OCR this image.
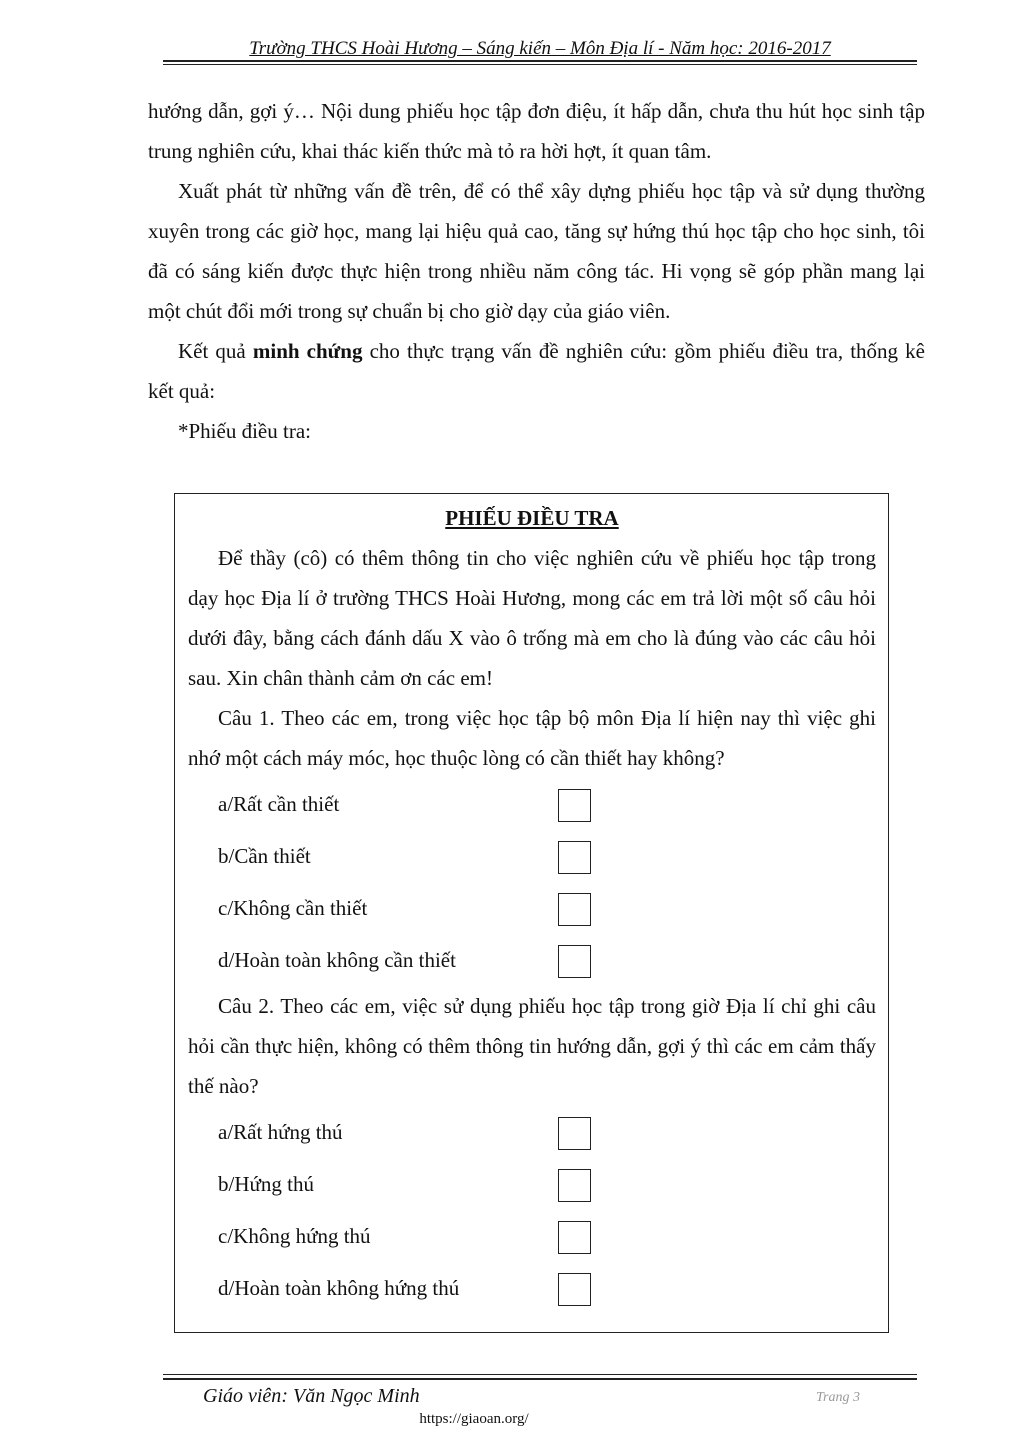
Trường THCS Hoài Hương – Sáng kiến – Môn Địa lí - Năm học: 2016-2017

hướng dẫn, gợi ý… Nội dung phiếu học tập đơn điệu, ít hấp dẫn, chưa thu hút học sinh tập trung nghiên cứu, khai thác kiến thức mà tỏ ra hời hợt, ít quan tâm.

Xuất phát từ những vấn đề trên, để có thể xây dựng phiếu học tập và sử dụng thường xuyên trong các giờ học, mang lại hiệu quả cao, tăng sự hứng thú học tập cho học sinh, tôi đã có sáng kiến được thực hiện trong nhiều năm công tác. Hi vọng sẽ góp phần mang lại một chút đổi mới trong sự chuẩn bị cho giờ dạy của giáo viên.

Kết quả minh chứng cho thực trạng vấn đề nghiên cứu: gồm phiếu điều tra, thống kê kết quả:

*Phiếu điều tra:

PHIẾU ĐIỀU TRA

Để thầy (cô) có thêm thông tin cho việc nghiên cứu về phiếu học tập trong dạy học Địa lí ở trường THCS Hoài Hương, mong các em trả lời một số câu hỏi dưới đây, bằng cách đánh dấu X vào ô trống mà em cho là đúng vào các câu hỏi sau. Xin chân thành cảm ơn các em!

Câu 1. Theo các em, trong việc học tập bộ môn Địa lí hiện nay thì việc ghi nhớ một cách máy móc, học thuộc lòng có cần thiết hay không?

a/Rất cần thiết
b/Cần thiết
c/Không cần thiết
d/Hoàn toàn không cần thiết

Câu 2. Theo các em, việc sử dụng phiếu học tập trong giờ Địa lí chỉ ghi câu hỏi cần thực hiện, không có thêm thông tin hướng dẫn, gợi ý thì các em cảm thấy thế nào?

a/Rất hứng thú
b/Hứng thú
c/Không hứng thú
d/Hoàn toàn không hứng thú
Giáo viên: Văn Ngọc Minh	Trang 3
https://giaoan.org/
